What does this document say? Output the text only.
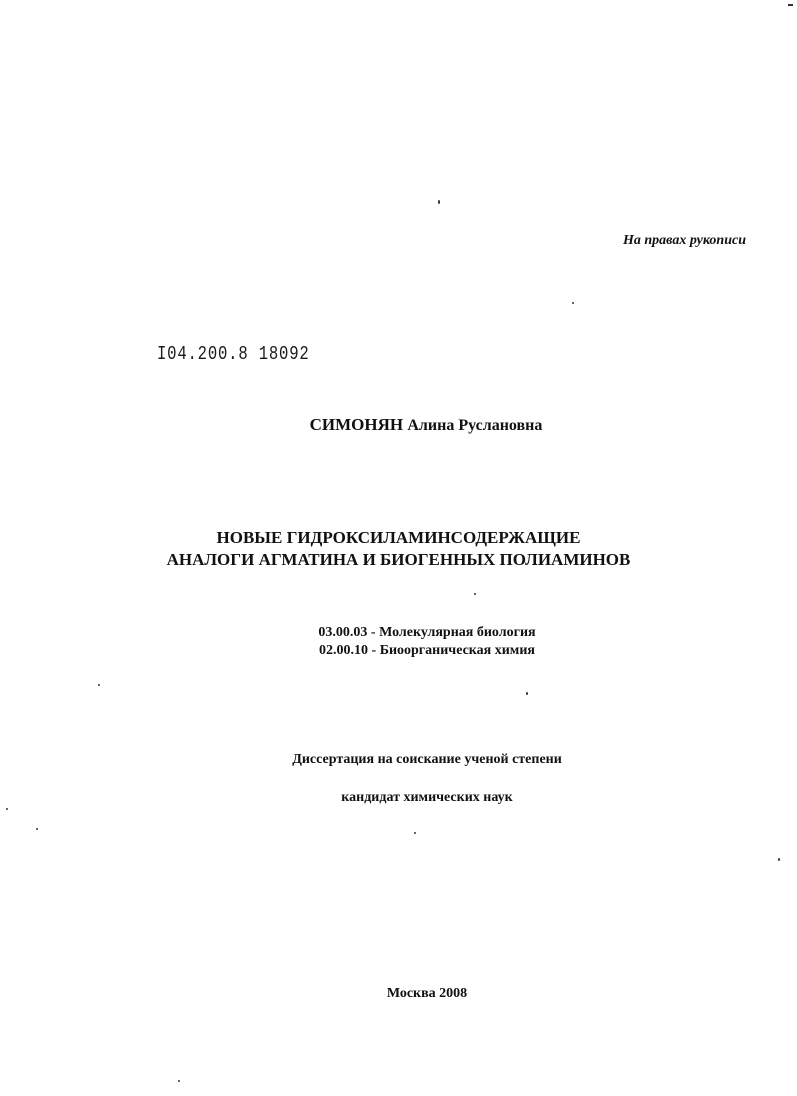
На правах рукописи
I04.200.8 18092
СИМОНЯН Алина Руслановна
НОВЫЕ ГИДРОКСИЛАМИНСОДЕРЖАЩИЕ
АНАЛОГИ АГМАТИНА И БИОГЕННЫХ ПОЛИАМИНОВ
03.00.03 - Молекулярная биология
02.00.10 - Биоорганическая химия
Диссертация на соискание ученой степени
кандидат химических наук
Москва 2008
